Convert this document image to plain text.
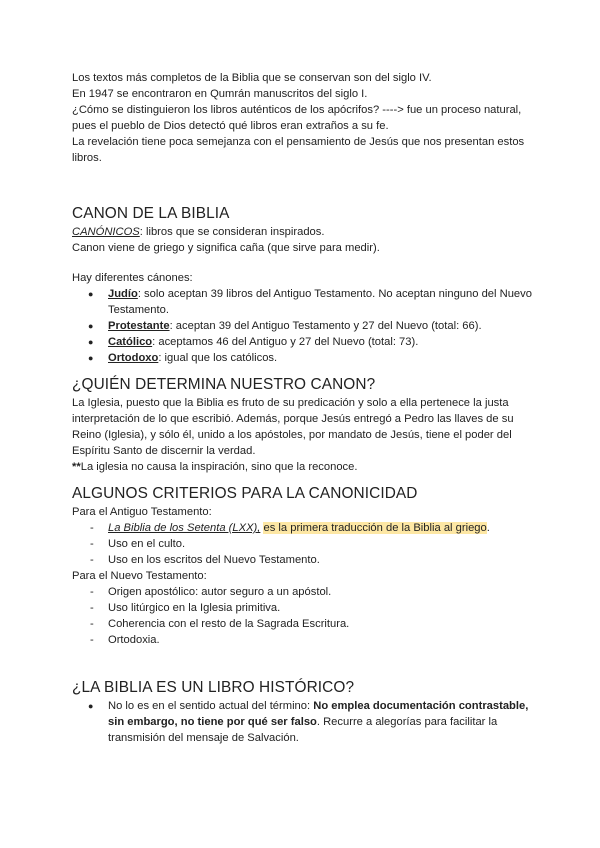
Los textos más completos de la Biblia que se conservan son del siglo IV.

En 1947 se encontraron en Qumrán manuscritos del siglo I.

¿Cómo se distinguieron los libros auténticos de los apócrifos? ----> fue un proceso natural, pues el pueblo de Dios detectó qué libros eran extraños a su fe.

La revelación tiene poca semejanza con el pensamiento de Jesús que nos presentan estos libros.

CANON DE LA BIBLIA

CANÓNICOS: libros que se consideran inspirados.

Canon viene de griego y significa caña (que sirve para medir).

Hay diferentes cánones:

● Judío: solo aceptan 39 libros del Antiguo Testamento. No aceptan ninguno del Nuevo Testamento.
● Protestante: aceptan 39 del Antiguo Testamento y 27 del Nuevo (total: 66).
● Católico: aceptamos 46 del Antiguo y 27 del Nuevo (total: 73).
● Ortodoxo: igual que los católicos.
¿QUIÉN DETERMINA NUESTRO CANON?

La Iglesia, puesto que la Biblia es fruto de su predicación y solo a ella pertenece la justa interpretación de lo que escribió. Además, porque Jesús entregó a Pedro las llaves de su Reino (Iglesia), y sólo él, unido a los apóstoles, por mandato de Jesús, tiene el poder del Espíritu Santo de discernir la verdad.

**La iglesia no causa la inspiración, sino que la reconoce.

ALGUNOS CRITERIOS PARA LA CANONICIDAD

Para el Antiguo Testamento:

- La Biblia de los Setenta (LXX), es la primera traducción de la Biblia al griego.
- Uso en el culto.
- Uso en los escritos del Nuevo Testamento.

Para el Nuevo Testamento:

- Origen apostólico: autor seguro a un apóstol.
- Uso litúrgico en la Iglesia primitiva.
- Coherencia con el resto de la Sagrada Escritura.
- Ortodoxia.
¿LA BIBLIA ES UN LIBRO HISTÓRICO?
● No lo es en el sentido actual del término: No emplea documentación contrastable, sin embargo, no tiene por qué ser falso. Recurre a alegorías para facilitar la transmisión del mensaje de Salvación.
